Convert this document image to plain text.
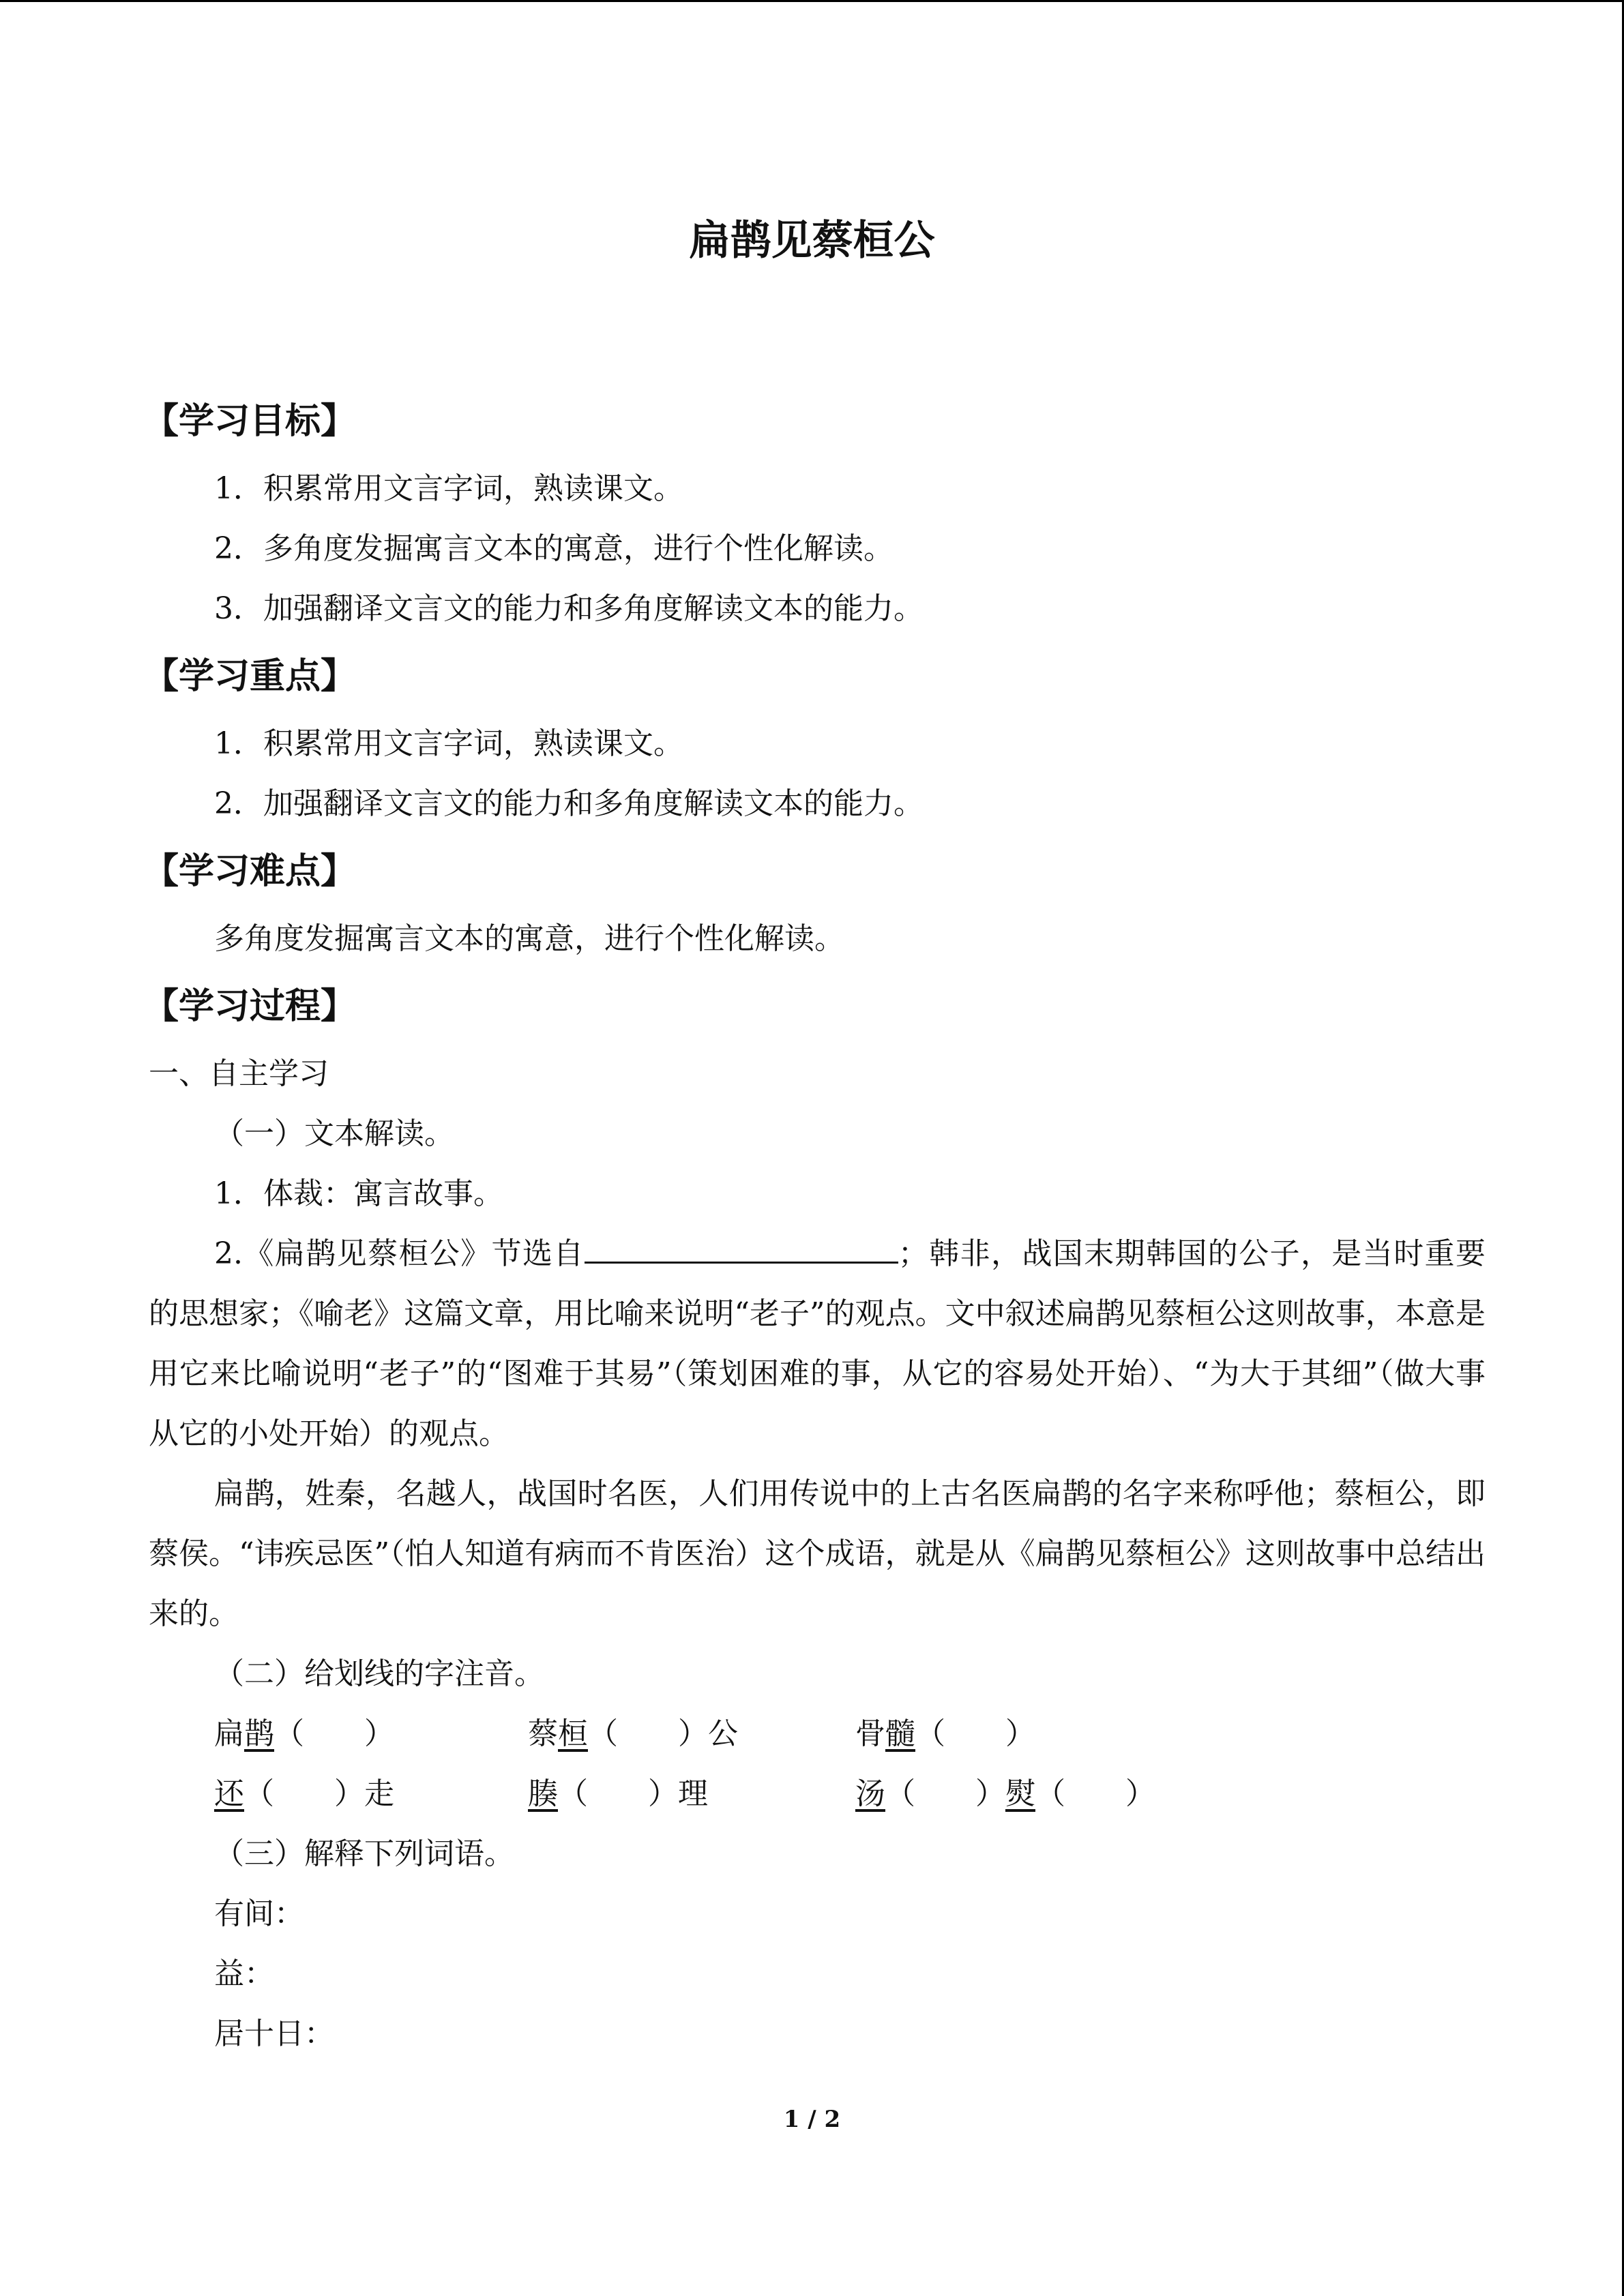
扁鹊见蔡桓公
【学习目标】

1．积累常用文言字词，熟读课文。

2．多角度发掘寓言文本的寓意，进行个性化解读。

3．加强翻译文言文的能力和多角度解读文本的能力。

【学习重点】

1．积累常用文言字词，熟读课文。

2．加强翻译文言文的能力和多角度解读文本的能力。

【学习难点】

多角度发掘寓言文本的寓意，进行个性化解读。

【学习过程】

一、自主学习

（一）文本解读。

1．体裁：寓言故事。

2.《扁鹊见蔡桓公》节选自	；韩非，战国末期韩国的公子，是当时重要的思想家；《喻老》这篇文章，用比喻来说明“老子”的观点。文中叙述扁鹊见蔡桓公这则故事，本意是用它来比喻说明“老子”的“图难于其易”（策划困难的事，从它的容易处开始）、“为大于其细”（做大事从它的小处开始）的观点。

扁鹊，姓秦，名越人，战国时名医，人们用传说中的上古名医扁鹊的名字来称呼他；蔡桓公，即蔡侯。“讳疾忌医”（怕人知道有病而不肯医治）这个成语，就是从《扁鹊见蔡桓公》这则故事中总结出来的。

（二）给划线的字注音。

扁鹊（　　）	蔡桓（　　）公	骨髓（　　）
还（　　）走	腠（　　）理	汤（　　）熨（　　）

（三）解释下列词语。

有间：

益：

居十日：

1 / 2
